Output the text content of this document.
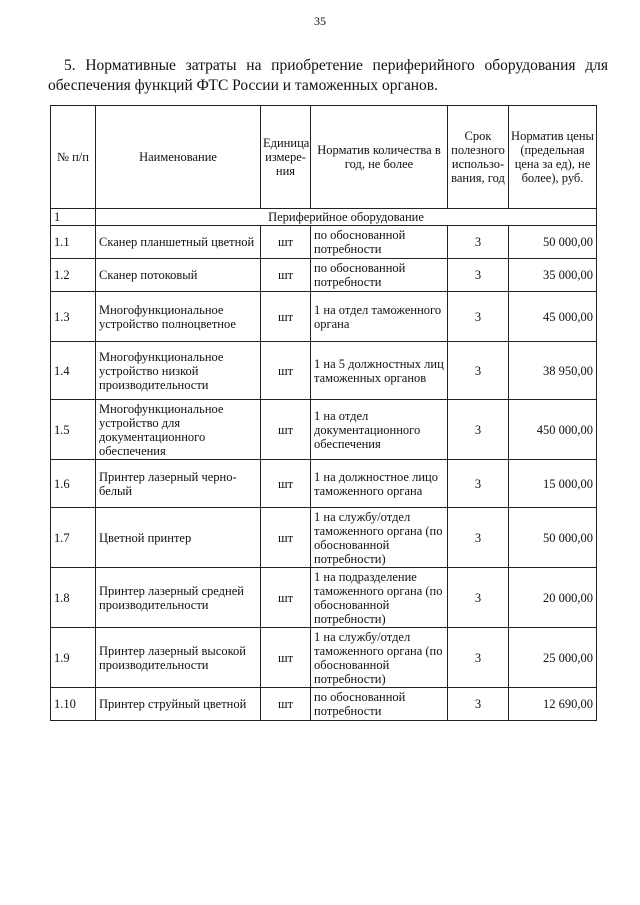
35
5. Нормативные затраты на приобретение периферийного оборудования для обеспечения функций ФТС России и таможенных органов.
№ п/п	Наименование	Единица измере-ния	Норматив количества в год, не более	Срок полезного использо-вания, год	Норматив цены (предельная цена за ед), не более), руб.
1	Периферийное оборудование				
1.1	Сканер планшетный цветной	шт	по обоснованной потребности	3	50 000,00
1.2	Сканер потоковый	шт	по обоснованной потребности	3	35 000,00
1.3	Многофункциональное устройство полноцветное	шт	1 на отдел таможенного органа	3	45 000,00
1.4	Многофункциональное устройство низкой производительности	шт	1 на 5 должностных лиц таможенных органов	3	38 950,00
1.5	Многофункциональное устройство для документационного обеспечения	шт	1 на отдел документационного обеспечения	3	450 000,00
1.6	Принтер лазерный черно-белый	шт	1 на должностное лицо таможенного органа	3	15 000,00
1.7	Цветной принтер	шт	1 на службу/отдел таможенного органа (по обоснованной потребности)	3	50 000,00
1.8	Принтер лазерный средней производительности	шт	1 на подразделение таможенного органа (по обоснованной потребности)	3	20 000,00
1.9	Принтер лазерный высокой производительности	шт	1 на службу/отдел таможенного органа (по обоснованной потребности)	3	25 000,00
1.10	Принтер струйный цветной	шт	по обоснованной потребности	3	12 690,00
